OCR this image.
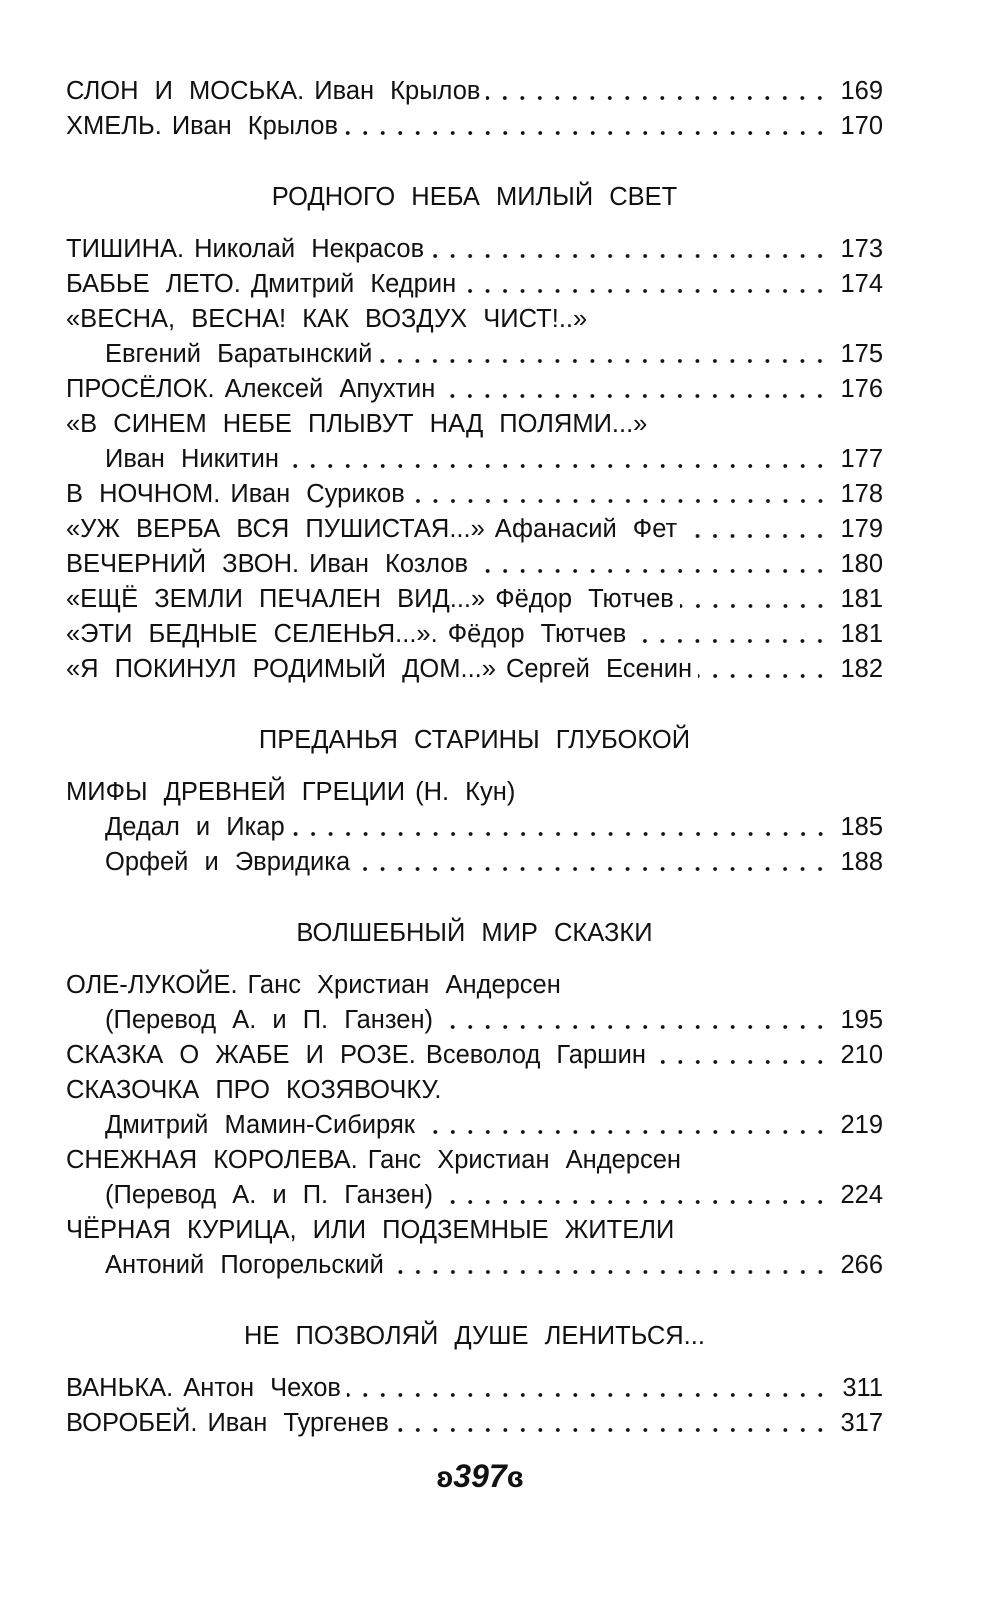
СЛОН И МОСЬКА. Иван Крылов	169
ХМЕЛЬ. Иван Крылов	170
РОДНОГО НЕБА МИЛЫЙ СВЕТ
ТИШИНА. Николай Некрасов	173
БАБЬЕ ЛЕТО. Дмитрий Кедрин	174
«ВЕСНА, ВЕСНА! КАК ВОЗДУХ ЧИСТ!..»
Евгений Баратынский	175
ПРОСЁЛОК. Алексей Апухтин	176
«В СИНЕМ НЕБЕ ПЛЫВУТ НАД ПОЛЯМИ...»
Иван Никитин	177
В НОЧНОМ. Иван Суриков	178
«УЖ ВЕРБА ВСЯ ПУШИСТАЯ...» Афанасий Фет	179
ВЕЧЕРНИЙ ЗВОН. Иван Козлов	180
«ЕЩЁ ЗЕМЛИ ПЕЧАЛЕН ВИД...» Фёдор Тютчев	181
«ЭТИ БЕДНЫЕ СЕЛЕНЬЯ...». Фёдор Тютчев	181
«Я ПОКИНУЛ РОДИМЫЙ ДОМ...» Сергей Есенин	182
ПРЕДАНЬЯ СТАРИНЫ ГЛУБОКОЙ
МИФЫ ДРЕВНЕЙ ГРЕЦИИ (Н. Кун)
Дедал и Икар	185
Орфей и Эвридика	188
ВОЛШЕБНЫЙ МИР СКАЗКИ
ОЛЕ-ЛУКОЙЕ. Ганс Христиан Андерсен
(Перевод А. и П. Ганзен)	195
СКАЗКА О ЖАБЕ И РОЗЕ. Всеволод Гаршин	210
СКАЗОЧКА ПРО КОЗЯВОЧКУ.
Дмитрий Мамин-Сибиряк	219
СНЕЖНАЯ КОРОЛЕВА. Ганс Христиан Андерсен
(Перевод А. и П. Ганзен)	224
ЧЁРНАЯ КУРИЦА, ИЛИ ПОДЗЕМНЫЕ ЖИТЕЛИ
Антоний Погорельский	266
НЕ ПОЗВОЛЯЙ ДУШЕ ЛЕНИТЬСЯ...
ВАНЬКА. Антон Чехов	311
ВОРОБЕЙ. Иван Тургенев	317
ʚ397ɞ
